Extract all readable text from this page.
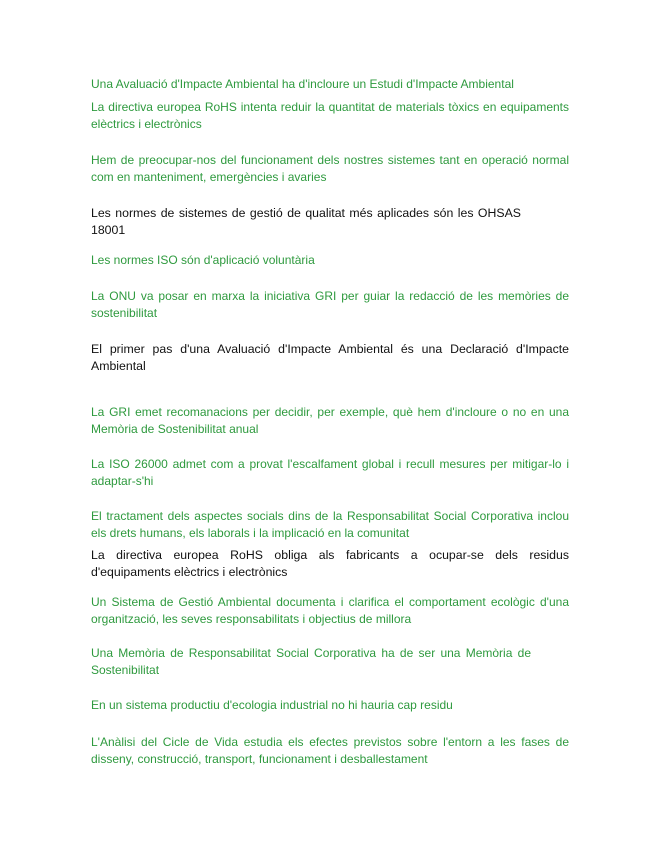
Una Avaluació d'Impacte Ambiental ha d'incloure un Estudi d'Impacte Ambiental

La directiva europea RoHS intenta reduir la quantitat de materials tòxics en equipaments elèctrics i electrònics

Hem de preocupar-nos del funcionament dels nostres sistemes tant en operació normal com en manteniment, emergències i avaries

Les normes de sistemes de gestió de qualitat més aplicades són les OHSAS 18001

Les normes ISO són d'aplicació voluntària

La ONU va posar en marxa la iniciativa GRI per guiar la redacció de les memòries de sostenibilitat

El primer pas d'una Avaluació d'Impacte Ambiental és una Declaració d'Impacte Ambiental

La GRI emet recomanacions per decidir, per exemple, què hem d'incloure o no en una Memòria de Sostenibilitat anual

La ISO 26000 admet com a provat l'escalfament global i recull mesures per mitigar-lo i adaptar-s'hi

El tractament dels aspectes socials dins de la Responsabilitat Social Corporativa inclou els drets humans, els laborals i la implicació en la comunitat

La directiva europea RoHS obliga als fabricants a ocupar-se dels residus d'equipaments elèctrics i electrònics

Un Sistema de Gestió Ambiental documenta i clarifica el comportament ecològic d'una organització, les seves responsabilitats i objectius de millora

Una Memòria de Responsabilitat Social Corporativa ha de ser una Memòria de Sostenibilitat

En un sistema productiu d'ecologia industrial no hi hauria cap residu

L'Anàlisi del Cicle de Vida estudia els efectes previstos sobre l'entorn a les fases de disseny, construcció, transport, funcionament i desballestament
